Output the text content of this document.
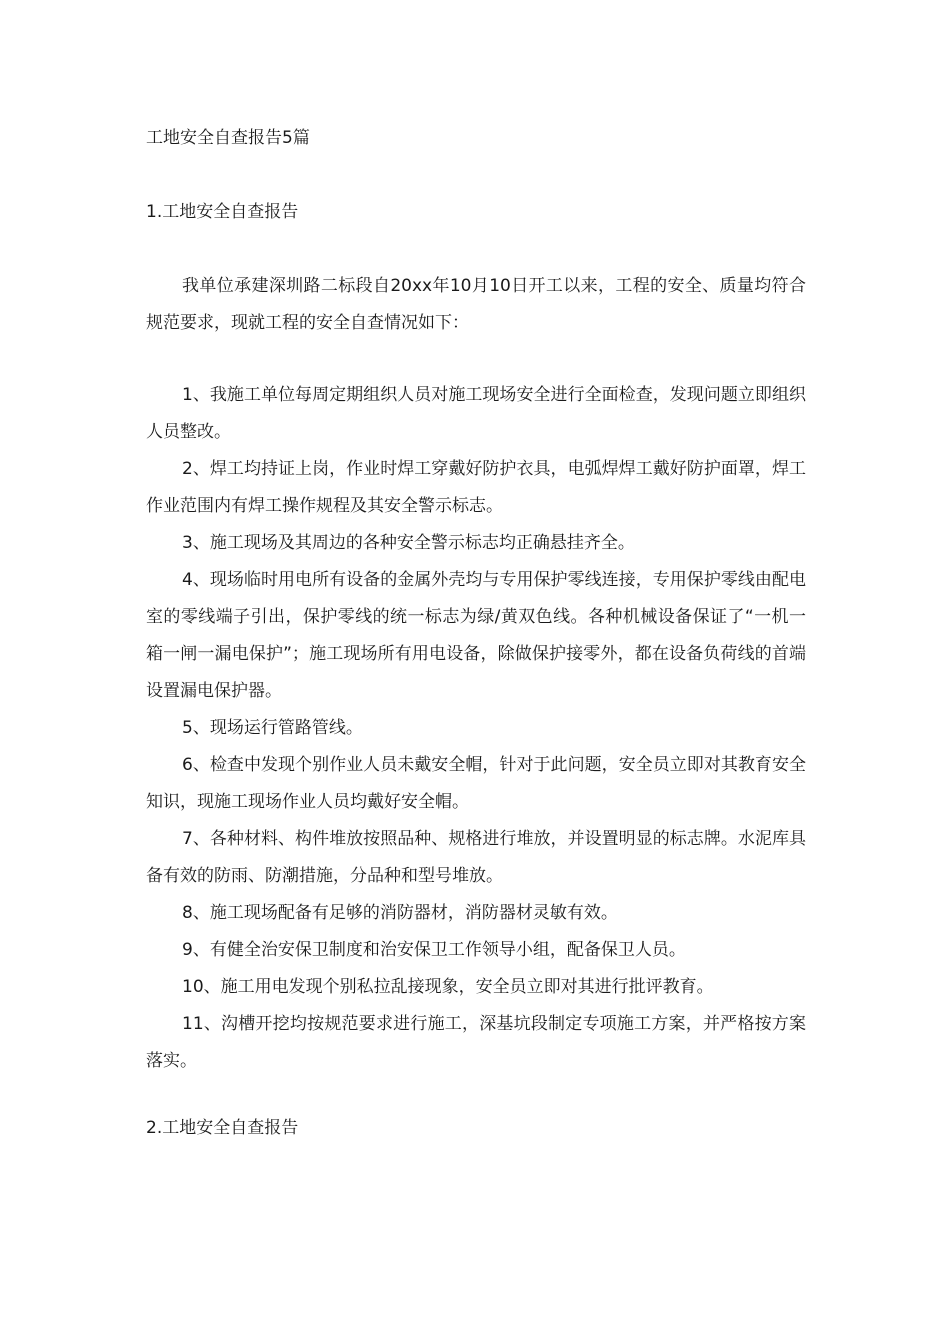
工地安全自查报告5篇
1.工地安全自查报告

我单位承建深圳路二标段自20xx年10月10日开工以来，工程的安全、质量均符合规范要求，现就工程的安全自查情况如下：

1、我施工单位每周定期组织人员对施工现场安全进行全面检查，发现问题立即组织人员整改。

2、焊工均持证上岗，作业时焊工穿戴好防护衣具，电弧焊焊工戴好防护面罩，焊工作业范围内有焊工操作规程及其安全警示标志。

3、施工现场及其周边的各种安全警示标志均正确悬挂齐全。

4、现场临时用电所有设备的金属外壳均与专用保护零线连接，专用保护零线由配电室的零线端子引出，保护零线的统一标志为绿/黄双色线。各种机械设备保证了“一机一箱一闸一漏电保护”；施工现场所有用电设备，除做保护接零外，都在设备负荷线的首端设置漏电保护器。

5、现场运行管路管线。

6、检查中发现个别作业人员未戴安全帽，针对于此问题，安全员立即对其教育安全知识，现施工现场作业人员均戴好安全帽。

7、各种材料、构件堆放按照品种、规格进行堆放，并设置明显的标志牌。水泥库具备有效的防雨、防潮措施，分品种和型号堆放。

8、施工现场配备有足够的消防器材，消防器材灵敏有效。

9、有健全治安保卫制度和治安保卫工作领导小组，配备保卫人员。

10、施工用电发现个别私拉乱接现象，安全员立即对其进行批评教育。

11、沟槽开挖均按规范要求进行施工，深基坑段制定专项施工方案，并严格按方案落实。

2.工地安全自查报告
